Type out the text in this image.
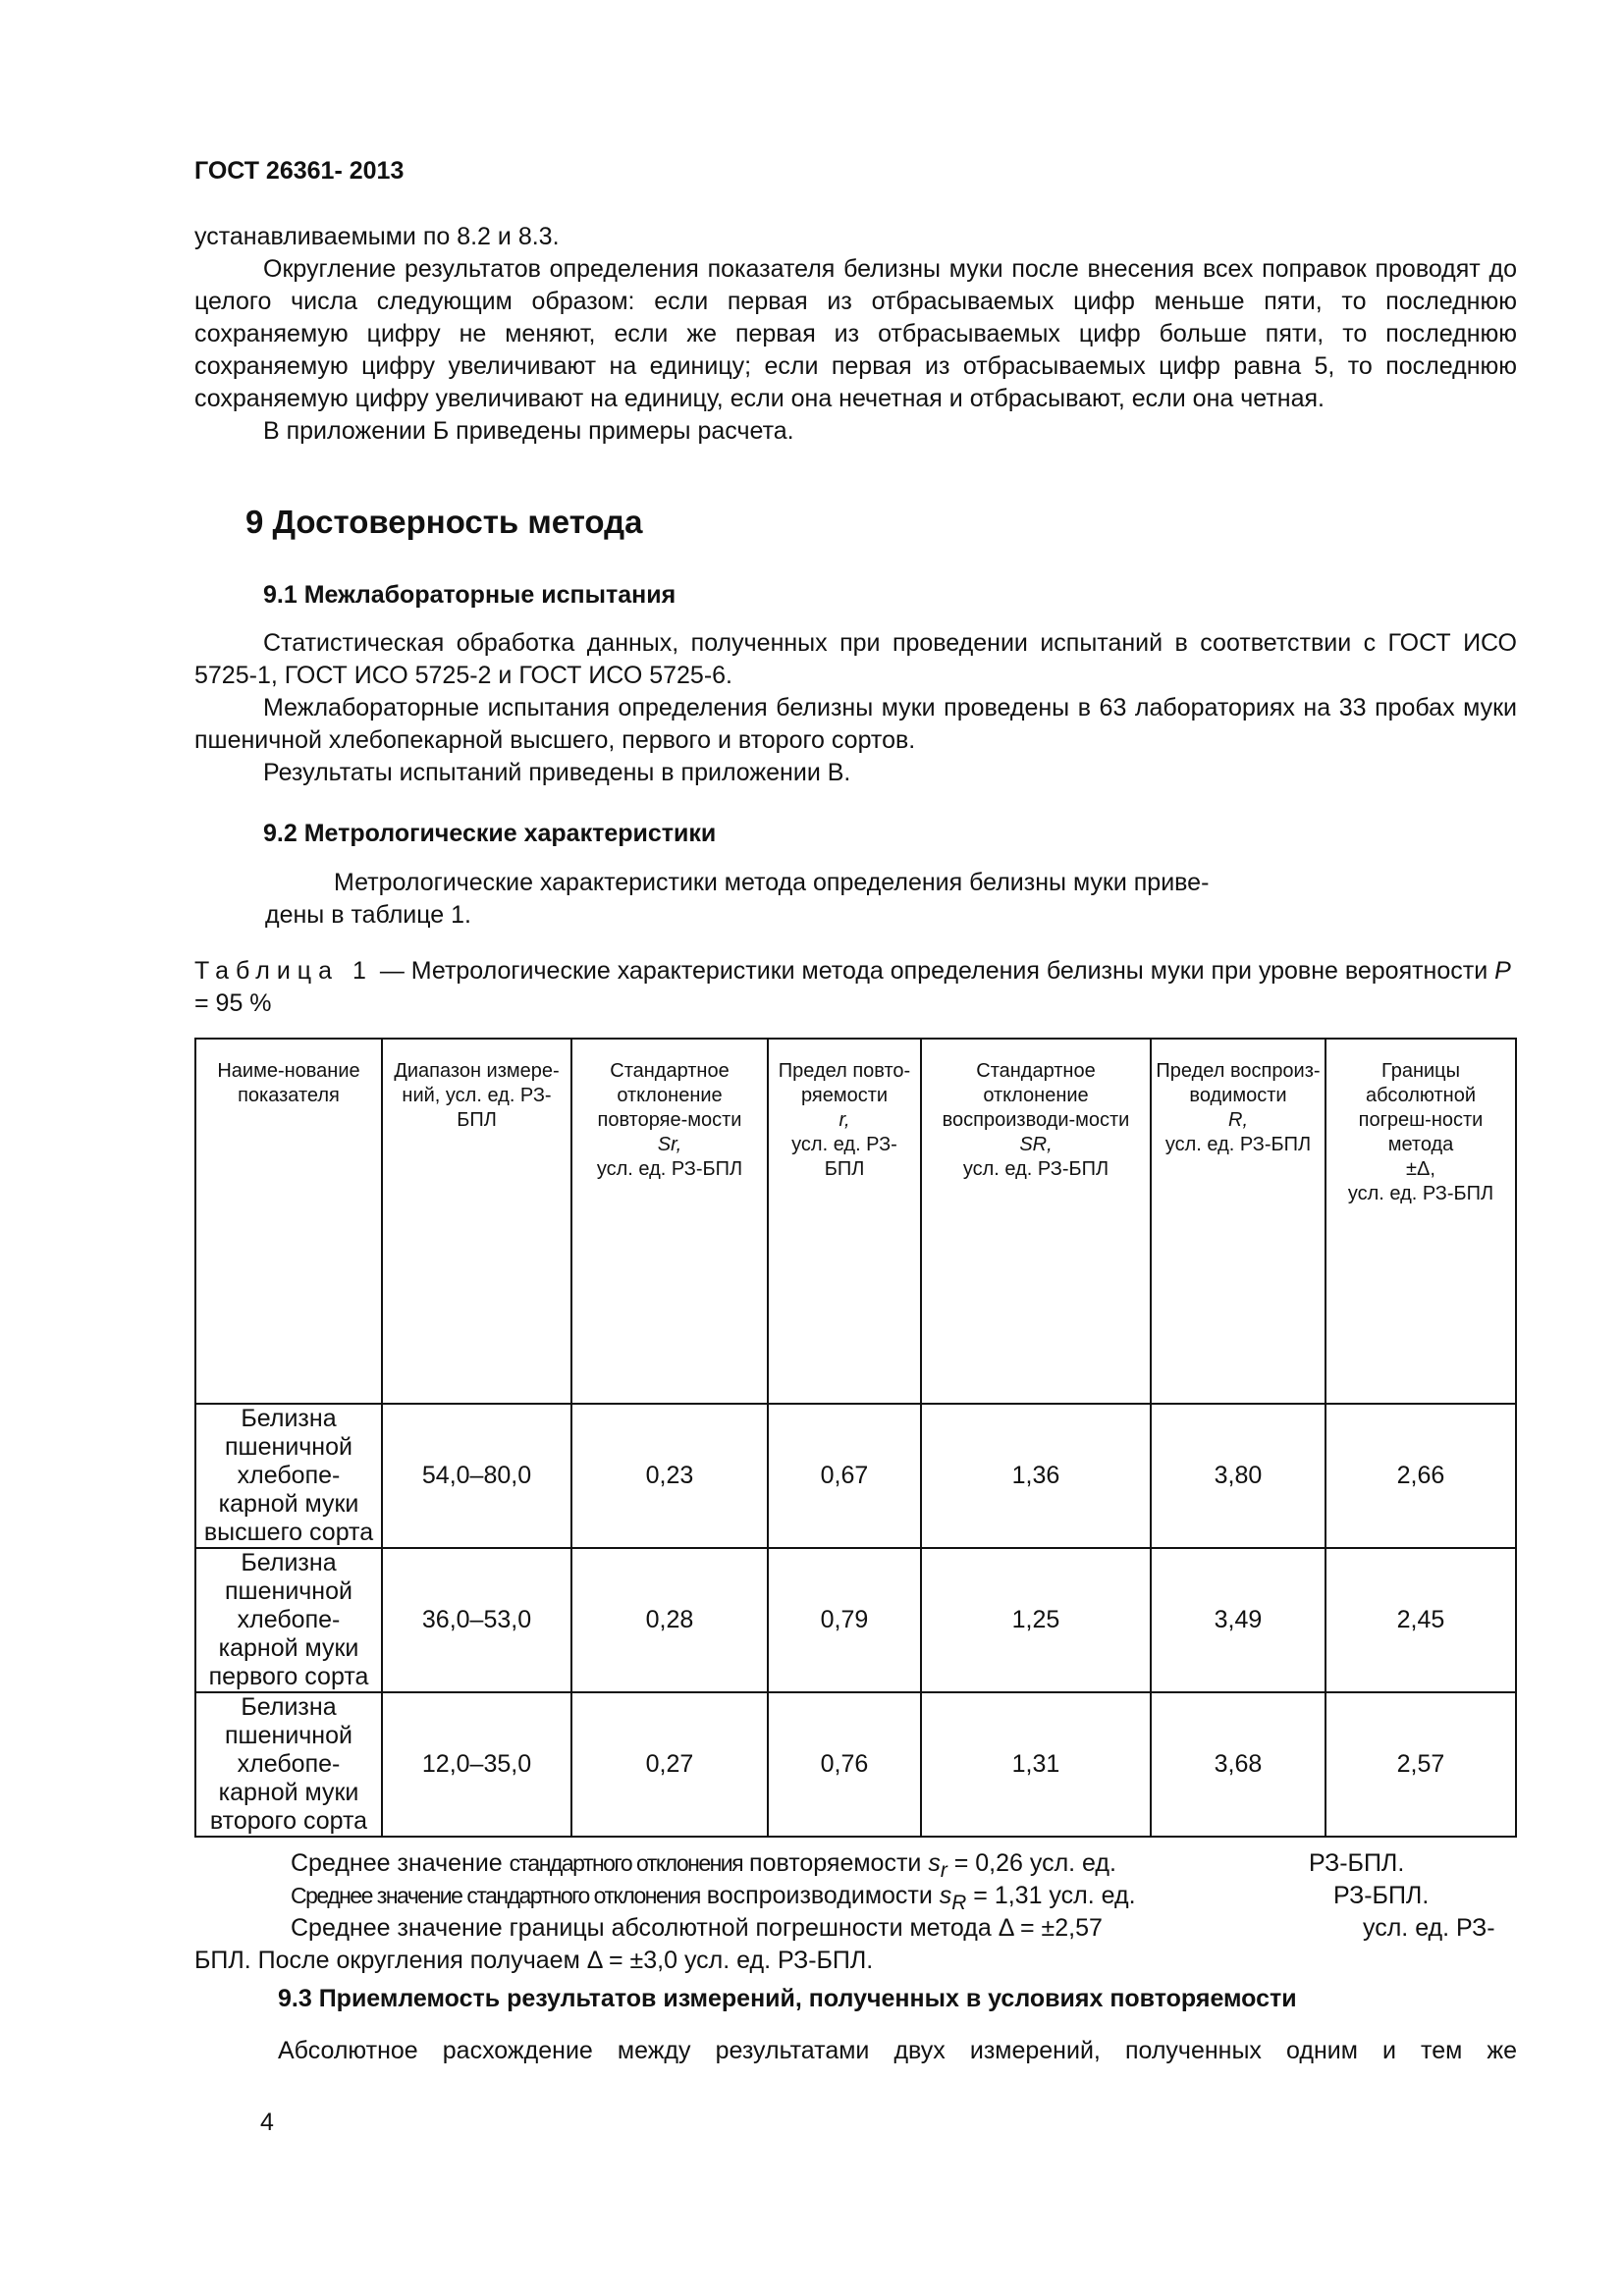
ГОСТ 26361- 2013

устанавливаемыми по 8.2 и 8.3.

Округление результатов определения показателя белизны муки после внесения всех поправок проводят до целого числа следующим образом: если первая из отбрасываемых цифр меньше пяти, то последнюю сохраняемую цифру не меняют, если же первая из отбрасываемых цифр больше пяти, то последнюю сохраняемую цифру увеличивают на единицу; если первая из отбрасываемых цифр равна 5, то последнюю сохраняемую цифру увеличивают на единицу, если она нечетная и отбрасывают, если она четная.

В приложении Б приведены примеры расчета.

9 Достоверность метода
9.1 Межлабораторные испытания

Статистическая обработка данных, полученных при проведении испытаний в соответствии с ГОСТ ИСО 5725-1, ГОСТ ИСО 5725-2 и ГОСТ ИСО 5725-6.

Межлабораторные испытания определения белизны муки проведены в 63 лабораториях на 33 пробах муки пшеничной хлебопекарной высшего, первого и второго сортов.

Результаты испытаний приведены в приложении В.

9.2 Метрологические характеристики
Метрологические характеристики метода определения белизны муки приве-
дены в таблице 1.
Таблица 1 — Метрологические характеристики метода определения белизны муки при уровне вероятности P = 95 %
Наиме-нование показателя	Диапазон измере-ний, усл. ед. РЗ-БПЛ	Стандартное отклонение повторяе-мости
Sr,
усл. ед. РЗ-БПЛ	Предел повто-ряемости
r,
усл. ед. РЗ-БПЛ	Стандартное отклонение воспроизводи-мости
SR,
усл. ед. РЗ-БПЛ	Предел воспроиз-водимости
R,
усл. ед. РЗ-БПЛ	Границы абсолютной погреш-ности метода
±Δ,
усл. ед. РЗ-БПЛ
Белизна пшеничной хлебопе-карной муки высшего сорта	54,0–80,0	0,23	0,67	1,36	3,80	2,66
Белизна пшеничной хлебопе-карной муки первого сорта	36,0–53,0	0,28	0,79	1,25	3,49	2,45
Белизна пшеничной хлебопе-карной муки второго сорта	12,0–35,0	0,27	0,76	1,31	3,68	2,57
Среднее значение стандартного отклонения повторяемости $s_r = 0,26$ усл. ед.	РЗ-БПЛ.
Среднее значение стандартного отклонения воспроизводимости $s_R = 1,31$ усл. ед.	РЗ-БПЛ.
Среднее значение границы абсолютной погрешности метода Δ = ±2,57	усл. ед. РЗ-
БПЛ. После округления получаем Δ = ±3,0 усл. ед. РЗ-БПЛ.
9.3 Приемлемость результатов измерений, полученных в условиях повторяемости

Абсолютное расхождение между результатами двух измерений, полученных одним и тем же

4
